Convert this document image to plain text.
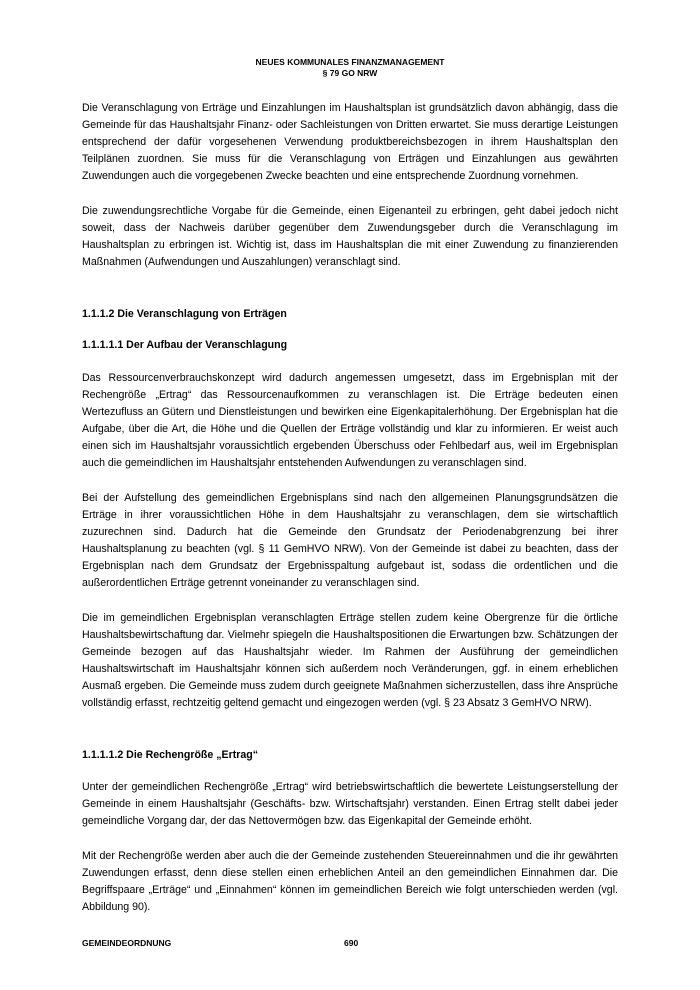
NEUES KOMMUNALES FINANZMANAGEMENT
§ 79 GO NRW

Die Veranschlagung von Erträge und Einzahlungen im Haushaltsplan ist grundsätzlich davon abhängig, dass die Gemeinde für das Haushaltsjahr Finanz- oder Sachleistungen von Dritten erwartet. Sie muss derartige Leistungen entsprechend der dafür vorgesehenen Verwendung produktbereichsbezogen in ihrem Haushaltsplan den Teilplänen zuordnen. Sie muss für die Veranschlagung von Erträgen und Einzahlungen aus gewährten Zuwendungen auch die vorgegebenen Zwecke beachten und eine entsprechende Zuordnung vornehmen.

Die zuwendungsrechtliche Vorgabe für die Gemeinde, einen Eigenanteil zu erbringen, geht dabei jedoch nicht soweit, dass der Nachweis darüber gegenüber dem Zuwendungsgeber durch die Veranschlagung im Haushaltsplan zu erbringen ist. Wichtig ist, dass im Haushaltsplan die mit einer Zuwendung zu finanzierenden Maßnahmen (Aufwendungen und Auszahlungen) veranschlagt sind.

1.1.1.2 Die Veranschlagung von Erträgen
1.1.1.1.1 Der Aufbau der Veranschlagung

Das Ressourcenverbrauchskonzept wird dadurch angemessen umgesetzt, dass im Ergebnisplan mit der Rechengröße „Ertrag“ das Ressourcenaufkommen zu veranschlagen ist. Die Erträge bedeuten einen Wertezufluss an Gütern und Dienstleistungen und bewirken eine Eigenkapitalerhöhung. Der Ergebnisplan hat die Aufgabe, über die Art, die Höhe und die Quellen der Erträge vollständig und klar zu informieren. Er weist auch einen sich im Haushaltsjahr voraussichtlich ergebenden Überschuss oder Fehlbedarf aus, weil im Ergebnisplan auch die gemeindlichen im Haushaltsjahr entstehenden Aufwendungen zu veranschlagen sind.

Bei der Aufstellung des gemeindlichen Ergebnisplans sind nach den allgemeinen Planungsgrundsätzen die Erträge in ihrer voraussichtlichen Höhe in dem Haushaltsjahr zu veranschlagen, dem sie wirtschaftlich zuzurechnen sind. Dadurch hat die Gemeinde den Grundsatz der Periodenabgrenzung bei ihrer Haushaltsplanung zu beachten (vgl. § 11 GemHVO NRW). Von der Gemeinde ist dabei zu beachten, dass der Ergebnisplan nach dem Grundsatz der Ergebnisspaltung aufgebaut ist, sodass die ordentlichen und die außerordentlichen Erträge getrennt voneinander zu veranschlagen sind.

Die im gemeindlichen Ergebnisplan veranschlagten Erträge stellen zudem keine Obergrenze für die örtliche Haushaltsbewirtschaftung dar. Vielmehr spiegeln die Haushaltspositionen die Erwartungen bzw. Schätzungen der Gemeinde bezogen auf das Haushaltsjahr wieder. Im Rahmen der Ausführung der gemeindlichen Haushaltswirtschaft im Haushaltsjahr können sich außerdem noch Veränderungen, ggf. in einem erheblichen Ausmaß ergeben. Die Gemeinde muss zudem durch geeignete Maßnahmen sicherzustellen, dass ihre Ansprüche vollständig erfasst, rechtzeitig geltend gemacht und eingezogen werden (vgl. § 23 Absatz 3 GemHVO NRW).

1.1.1.1.2 Die Rechengröße „Ertrag“

Unter der gemeindlichen Rechengröße „Ertrag“ wird betriebswirtschaftlich die bewertete Leistungserstellung der Gemeinde in einem Haushaltsjahr (Geschäfts- bzw. Wirtschaftsjahr) verstanden. Einen Ertrag stellt dabei jeder gemeindliche Vorgang dar, der das Nettovermögen bzw. das Eigenkapital der Gemeinde erhöht.

Mit der Rechengröße werden aber auch die der Gemeinde zustehenden Steuereinnahmen und die ihr gewährten Zuwendungen erfasst, denn diese stellen einen erheblichen Anteil an den gemeindlichen Einnahmen dar. Die Begriffspaare „Erträge“ und „Einnahmen“ können im gemeindlichen Bereich wie folgt unterschieden werden (vgl. Abbildung 90).

GEMEINDEORDNUNG	690
